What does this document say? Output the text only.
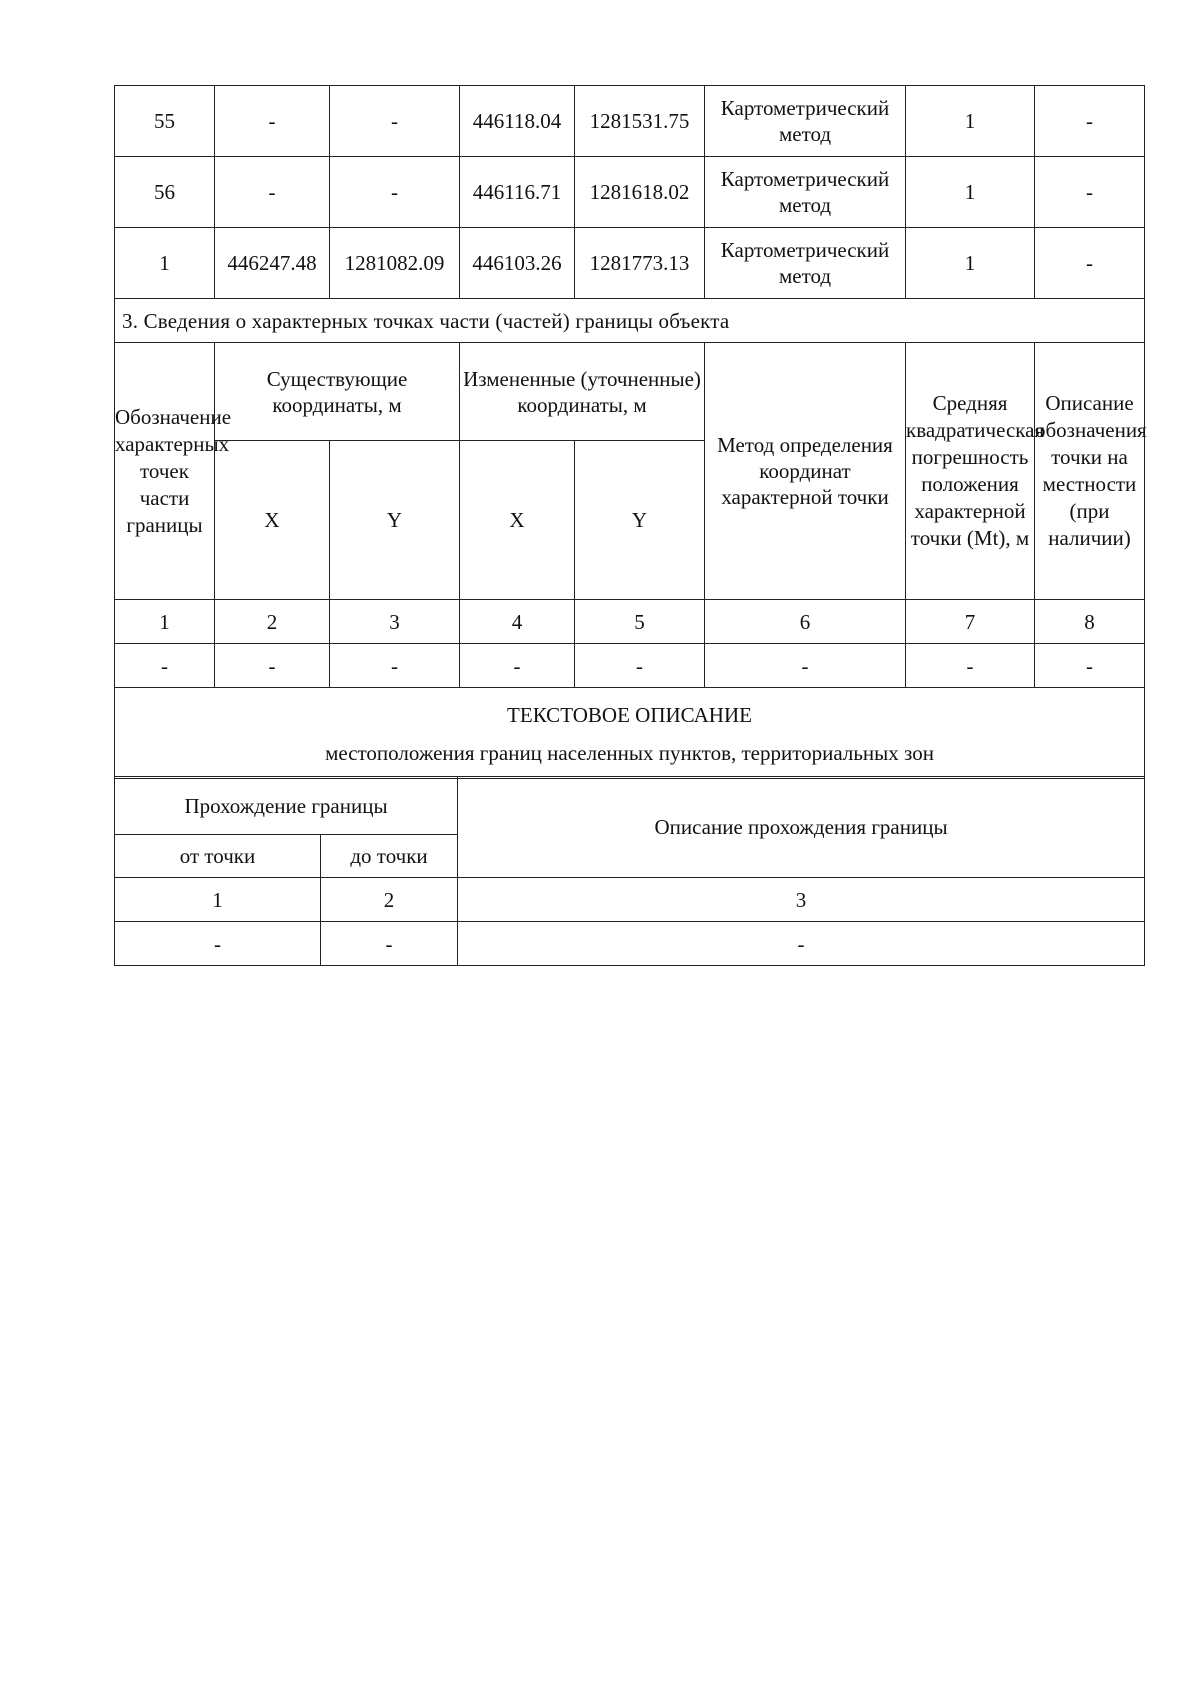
55	-	-	446118.04	1281531.75	Картометрический метод	1	-
56	-	-	446116.71	1281618.02	Картометрический метод	1	-
1	446247.48	1281082.09	446103.26	1281773.13	Картометрический метод	1	-
3. Сведения о характерных точках части (частей) границы объекта							
Обозначение характерных точек части границы	Существующие координаты, м		Измененные (уточненные) координаты, м		Метод определения координат характерной точки	Средняя квадратическая погрешность положения характерной точки (Mt), м	Описание обозначения точки на местности (при наличии)
	X	Y	X	Y			
1	2	3	4	5	6	7	8
-	-	-	-	-	-	-	-

ТЕКСТОВОЕ ОПИСАНИЕ
местоположения границ населенных пунктов, территориальных зон							
Прохождение границы		Описание прохождения границы
от точки	до точки	
1	2	3
-	-	-
